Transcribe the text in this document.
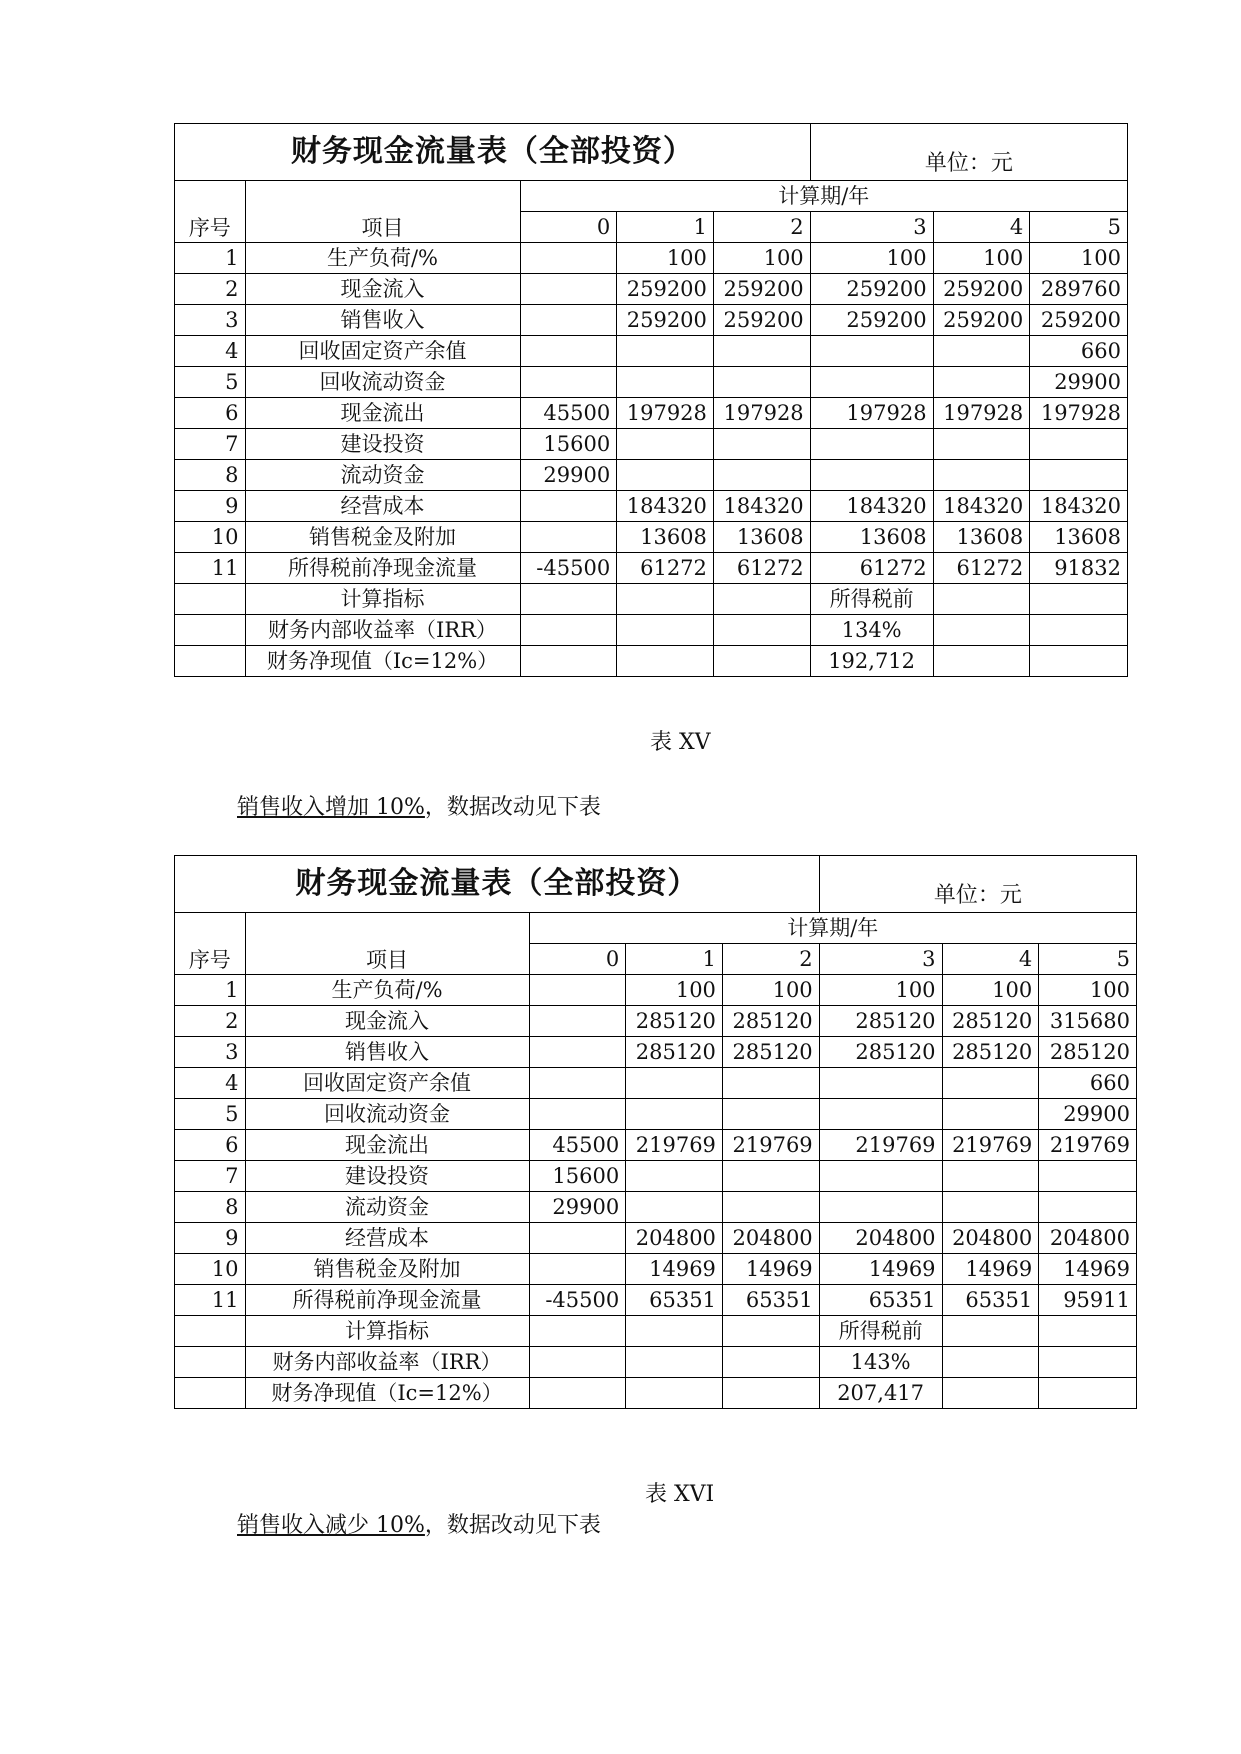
财务现金流量表（全部投资）					单位：元		
序号	项目	计算期/年					
		0	1	2	3	4	5
1	生产负荷/%		100	100	100	100	100
2	现金流入		259200	259200	259200	259200	289760
3	销售收入		259200	259200	259200	259200	259200
4	回收固定资产余值						660
5	回收流动资金						29900
6	现金流出	45500	197928	197928	197928	197928	197928
7	建设投资	15600					
8	流动资金	29900					
9	经营成本		184320	184320	184320	184320	184320
10	销售税金及附加		13608	13608	13608	13608	13608
11	所得税前净现金流量	-45500	61272	61272	61272	61272	91832
	计算指标				所得税前		
	财务内部收益率（IRR）				134%		
	财务净现值（Ic=12%）				192,712		
表 XV
销售收入增加 10%，数据改动见下表
财务现金流量表（全部投资）					单位：元		
序号	项目	计算期/年					
		0	1	2	3	4	5
1	生产负荷/%		100	100	100	100	100
2	现金流入		285120	285120	285120	285120	315680
3	销售收入		285120	285120	285120	285120	285120
4	回收固定资产余值						660
5	回收流动资金						29900
6	现金流出	45500	219769	219769	219769	219769	219769
7	建设投资	15600					
8	流动资金	29900					
9	经营成本		204800	204800	204800	204800	204800
10	销售税金及附加		14969	14969	14969	14969	14969
11	所得税前净现金流量	-45500	65351	65351	65351	65351	95911
	计算指标				所得税前		
	财务内部收益率（IRR）				143%		
	财务净现值（Ic=12%）				207,417		
表 XVI
销售收入减少 10%，数据改动见下表
